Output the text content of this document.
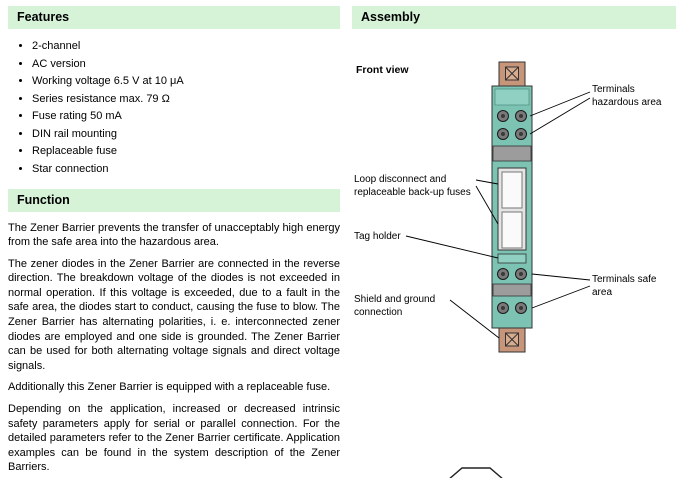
Features
• 2-channel
• AC version
• Working voltage 6.5 V at 10 μA
• Series resistance max. 79 Ω
• Fuse rating 50 mA
• DIN rail mounting
• Replaceable fuse
• Star connection
Function

The Zener Barrier prevents the transfer of unacceptably high energy from the safe area into the hazardous area.

The zener diodes in the Zener Barrier are connected in the reverse direction. The breakdown voltage of the diodes is not exceeded in normal operation. If this voltage is exceeded, due to a fault in the safe area, the diodes start to conduct, causing the fuse to blow. The Zener Barrier has alternating polarities, i. e. interconnected zener diodes are employed and one side is grounded. The Zener Barrier can be used for both alternating voltage signals and direct voltage signals.

Additionally this Zener Barrier is equipped with a replaceable fuse.

Depending on the application, increased or decreased intrinsic safety parameters apply for serial or parallel connection. For the detailed parameters refer to the Zener Barrier certificate. Application examples can be found in the system description of the Zener Barriers.

Assembly
Front view
Terminals hazardous area
Loop disconnect and replaceable back-up fuses
Tag holder
Terminals safe area
Shield and ground connection
